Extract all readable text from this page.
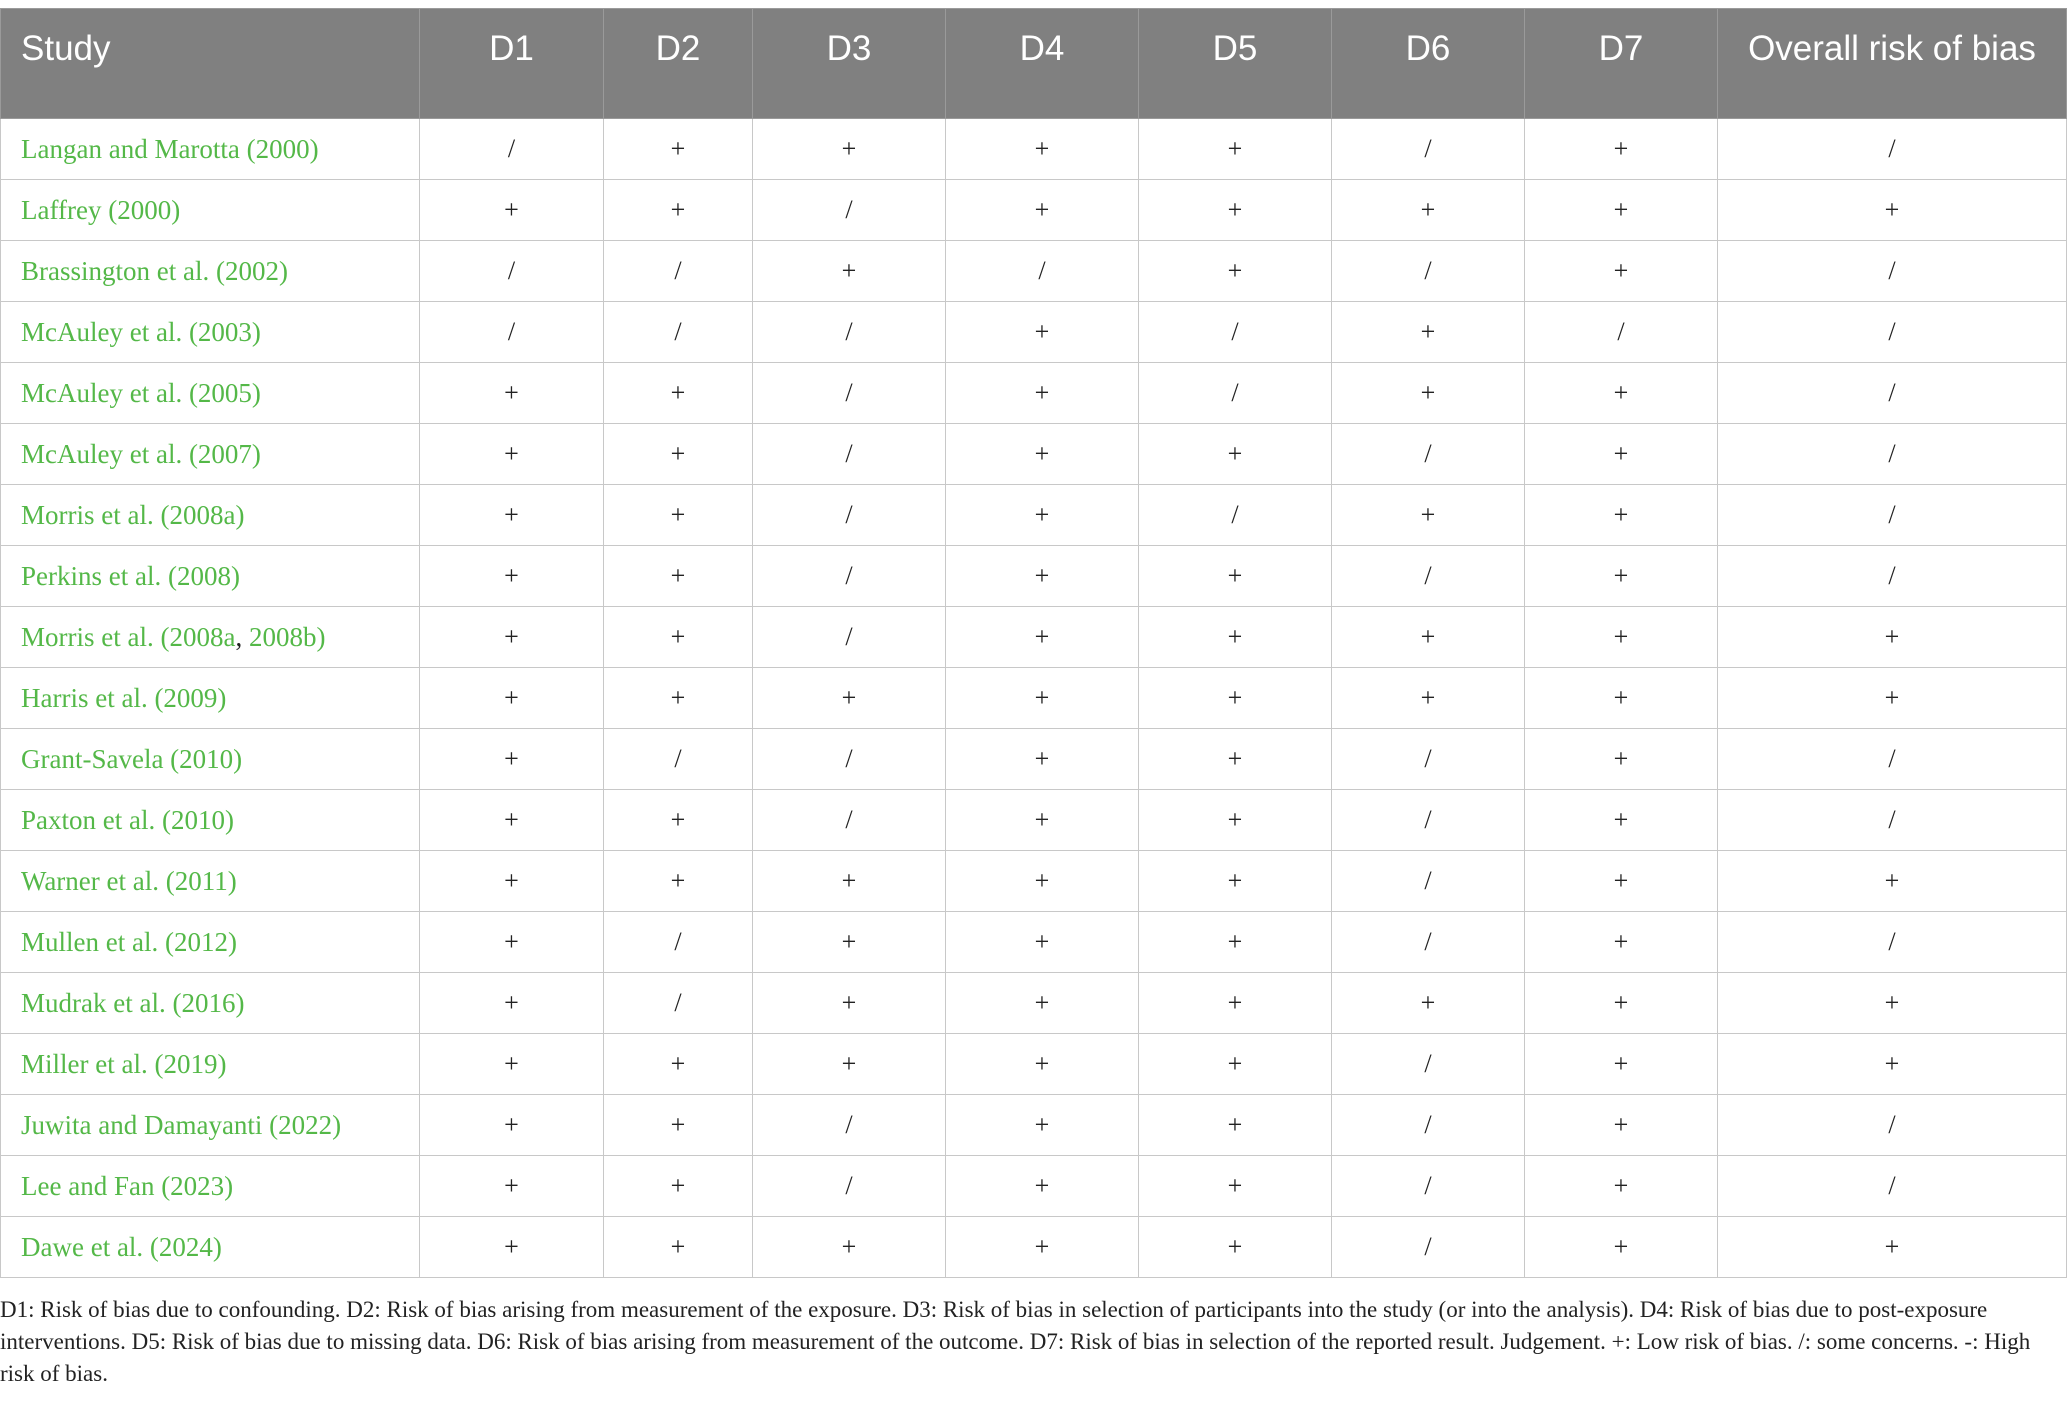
Study	D1	D2	D3	D4	D5	D6	D7	Overall risk of bias
Langan and Marotta (2000)	/	+	+	+	+	/	+	/
Laffrey (2000)	+	+	/	+	+	+	+	+
Brassington et al. (2002)	/	/	+	/	+	/	+	/
McAuley et al. (2003)	/	/	/	+	/	+	/	/
McAuley et al. (2005)	+	+	/	+	/	+	+	/
McAuley et al. (2007)	+	+	/	+	+	/	+	/
Morris et al. (2008a)	+	+	/	+	/	+	+	/
Perkins et al. (2008)	+	+	/	+	+	/	+	/
Morris et al. (2008a, 2008b)	+	+	/	+	+	+	+	+
Harris et al. (2009)	+	+	+	+	+	+	+	+
Grant-Savela (2010)	+	/	/	+	+	/	+	/
Paxton et al. (2010)	+	+	/	+	+	/	+	/
Warner et al. (2011)	+	+	+	+	+	/	+	+
Mullen et al. (2012)	+	/	+	+	+	/	+	/
Mudrak et al. (2016)	+	/	+	+	+	+	+	+
Miller et al. (2019)	+	+	+	+	+	/	+	+
Juwita and Damayanti (2022)	+	+	/	+	+	/	+	/
Lee and Fan (2023)	+	+	/	+	+	/	+	/
Dawe et al. (2024)	+	+	+	+	+	/	+	+
D1: Risk of bias due to confounding. D2: Risk of bias arising from measurement of the exposure. D3: Risk of bias in selection of participants into the study (or into the analysis). D4: Risk of bias due to post-exposure interventions. D5: Risk of bias due to missing data. D6: Risk of bias arising from measurement of the outcome. D7: Risk of bias in selection of the reported result. Judgement. +: Low risk of bias. /: some concerns. -: High risk of bias.
